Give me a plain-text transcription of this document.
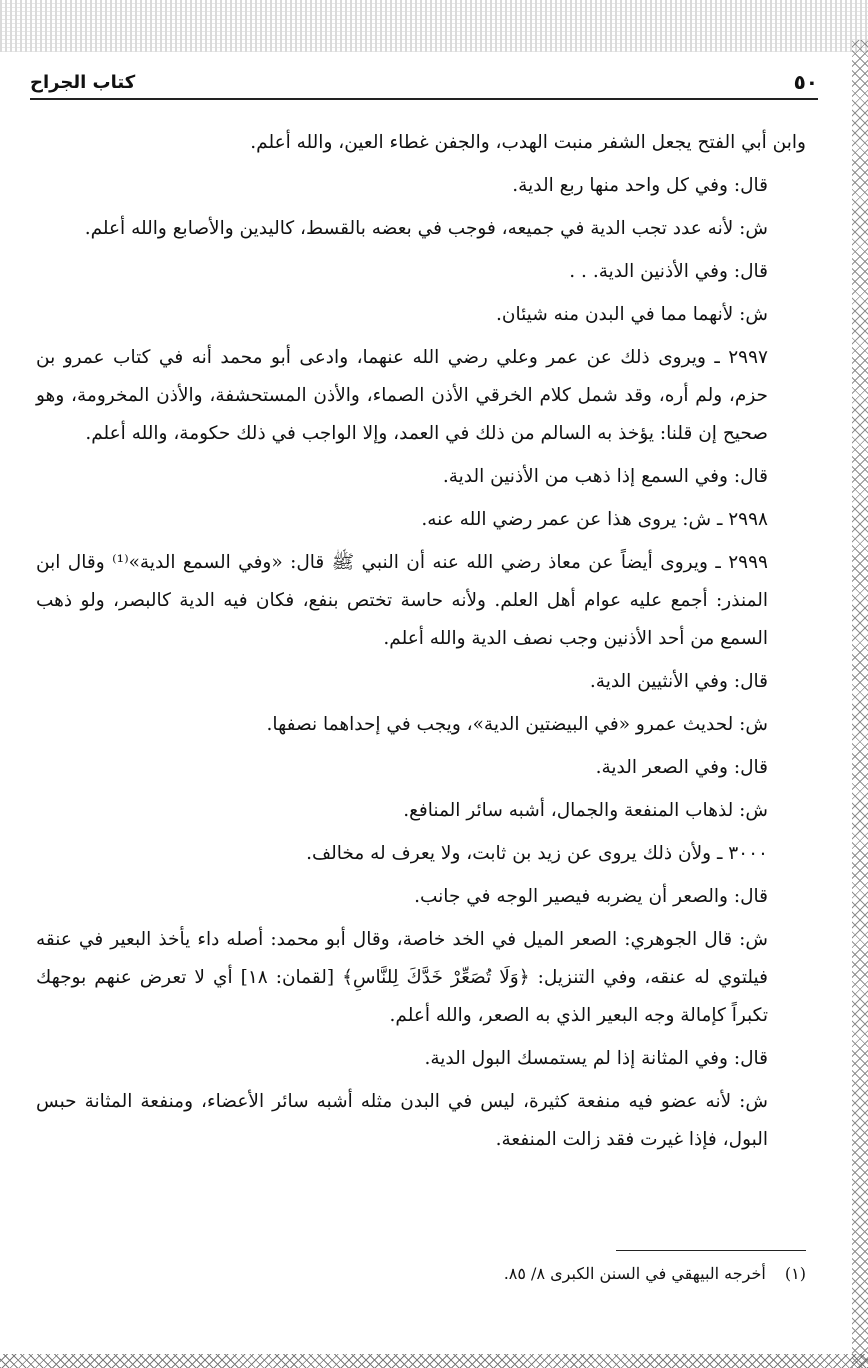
٥٠
كتاب الجراح

وابن أبي الفتح يجعل الشفر منبت الهدب، والجفن غطاء العين، والله أعلم.

قال: وفي كل واحد منها ربع الدية.

ش: لأنه عدد تجب الدية في جميعه، فوجب في بعضه بالقسط، كاليدين والأصابع والله أعلم.

قال: وفي الأذنين الدية. . .

ش: لأنهما مما في البدن منه شيئان.

٢٩٩٧ ـ ويروى ذلك عن عمر وعلي رضي الله عنهما، وادعى أبو محمد أنه في كتاب عمرو بن حزم، ولم أره، وقد شمل كلام الخرقي الأذن الصماء، والأذن المستحشفة، والأذن المخرومة، وهو صحيح إن قلنا: يؤخذ به السالم من ذلك في العمد، وإلا الواجب في ذلك حكومة، والله أعلم.

قال: وفي السمع إذا ذهب من الأذنين الدية.

٢٩٩٨ ـ ش: يروى هذا عن عمر رضي الله عنه.

٢٩٩٩ ـ ويروى أيضاً عن معاذ رضي الله عنه أن النبي ﷺ قال: «وفي السمع الدية»⁽¹⁾ وقال ابن المنذر: أجمع عليه عوام أهل العلم. ولأنه حاسة تختص بنفع، فكان فيه الدية كالبصر، ولو ذهب السمع من أحد الأذنين وجب نصف الدية والله أعلم.

قال: وفي الأنثيين الدية.

ش: لحديث عمرو «في البيضتين الدية»، ويجب في إحداهما نصفها.

قال: وفي الصعر الدية.

ش: لذهاب المنفعة والجمال، أشبه سائر المنافع.

٣٠٠٠ ـ ولأن ذلك يروى عن زيد بن ثابت، ولا يعرف له مخالف.

قال: والصعر أن يضربه فيصير الوجه في جانب.

ش: قال الجوهري: الصعر الميل في الخد خاصة، وقال أبو محمد: أصله داء يأخذ البعير في عنقه فيلتوي له عنقه، وفي التنزيل: ﴿وَلَا تُصَعِّرْ خَدَّكَ لِلنَّاسِ﴾ [لقمان: ١٨] أي لا تعرض عنهم بوجهك تكبراً كإمالة وجه البعير الذي به الصعر، والله أعلم.

قال: وفي المثانة إذا لم يستمسك البول الدية.

ش: لأنه عضو فيه منفعة كثيرة، ليس في البدن مثله أشبه سائر الأعضاء، ومنفعة المثانة حبس البول، فإذا غيرت فقد زالت المنفعة.

(١) أخرجه البيهقي في السنن الكبرى ٨/ ٨٥.
